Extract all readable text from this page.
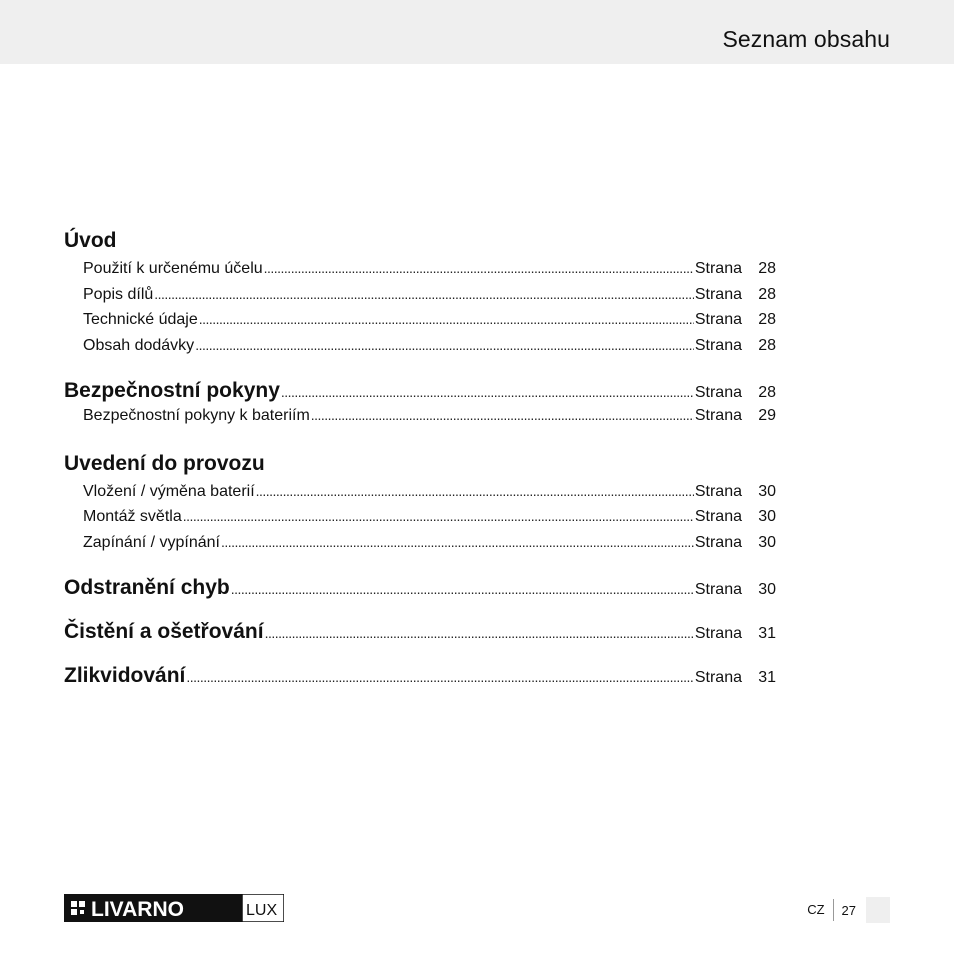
Seznam obsahu
Úvod
Použití k určenému účelu . . .	Strana	28
Popis dílů . . .	Strana	28
Technické údaje . . .	Strana	28
Obsah dodávky . . .	Strana	28
Bezpečnostní pokyny . . .	Strana	28
Bezpečnostní pokyny k bateriím . . .	Strana	29
Uvedení do provozu
Vložení / výměna baterií . . .	Strana	30
Montáž světla . . .	Strana	30
Zapínání / vypínání . . .	Strana	30
Odstranění chyb . . .	Strana	30
Čistění a ošetřování . . .	Strana	31
Zlikvidování . . .	Strana	31
LIVARNO	LUX	CZ	27
